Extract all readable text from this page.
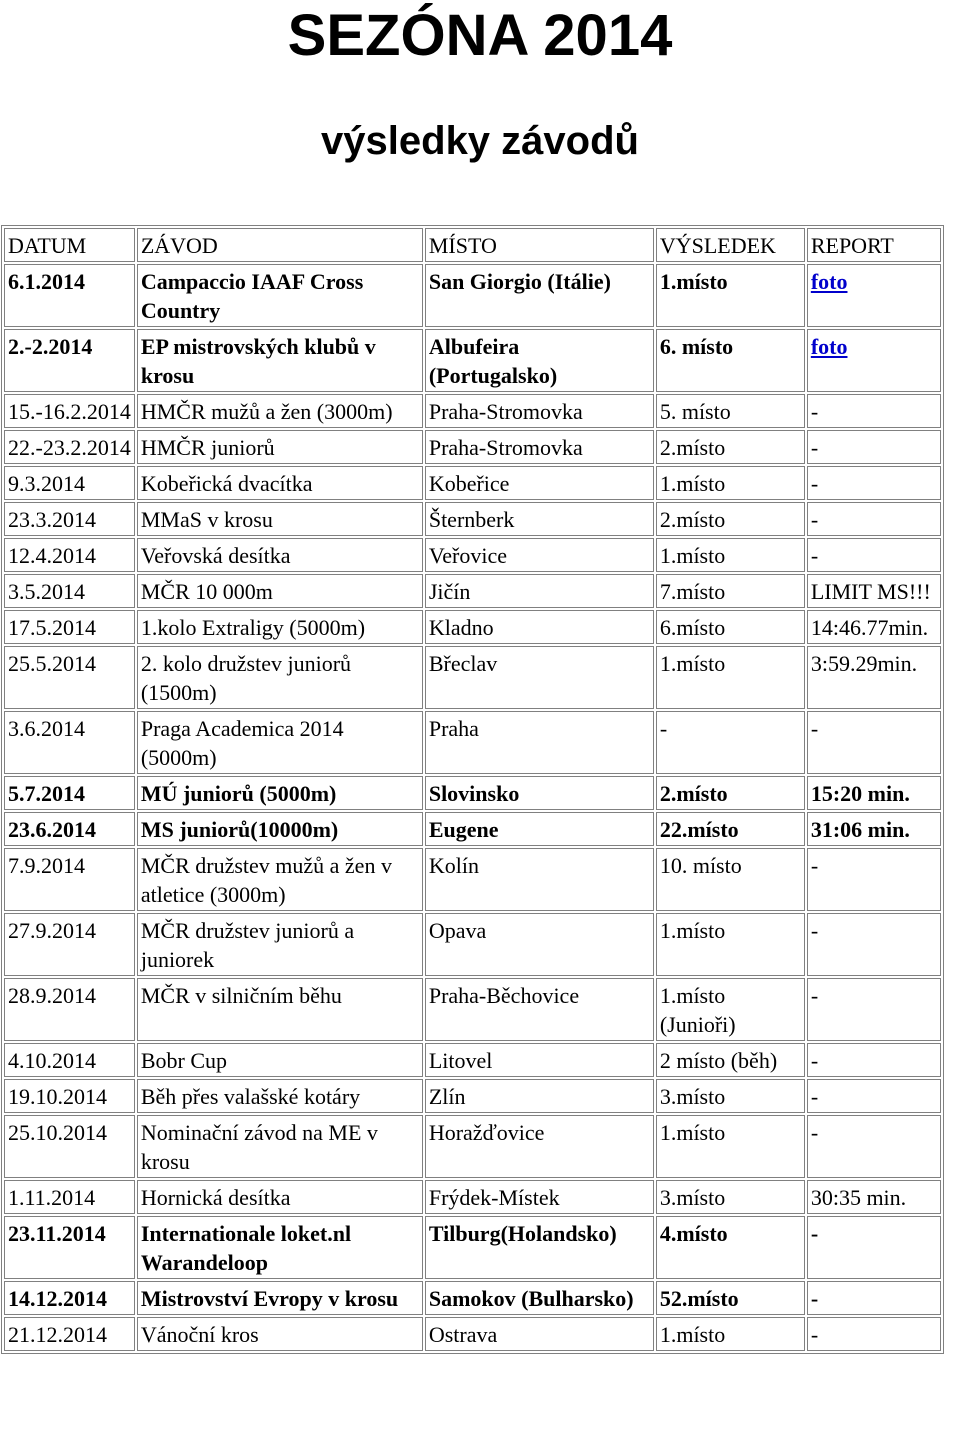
SEZÓNA 2014
výsledky závodů
DATUM	ZÁVOD	MÍSTO	VÝSLEDEK	REPORT
6.1.2014	Campaccio IAAF Cross Country	San Giorgio (Itálie)	1.místo	foto
2.-2.2014	EP mistrovských klubů v krosu	Albufeira (Portugalsko)	6. místo	foto
15.-16.2.2014	HMČR mužů a žen (3000m)	Praha-Stromovka	5. místo	-
22.-23.2.2014	HMČR juniorů	Praha-Stromovka	2.místo	-
9.3.2014	Kobeřická dvacítka	Kobeřice	1.místo	-
23.3.2014	MMaS v krosu	Šternberk	2.místo	-
12.4.2014	Veřovská desítka	Veřovice	1.místo	-
3.5.2014	MČR 10 000m	Jičín	7.místo	LIMIT MS!!!
17.5.2014	1.kolo Extraligy (5000m)	Kladno	6.místo	14:46.77min.
25.5.2014	2. kolo družstev juniorů (1500m)	Břeclav	1.místo	3:59.29min.
3.6.2014	Praga Academica 2014 (5000m)	Praha	-	-
5.7.2014	MÚ juniorů (5000m)	Slovinsko	2.místo	15:20 min.
23.6.2014	MS juniorů(10000m)	Eugene	22.místo	31:06 min.
7.9.2014	MČR družstev mužů a žen v atletice (3000m)	Kolín	10. místo	-
27.9.2014	MČR družstev juniorů a juniorek	Opava	1.místo	-
28.9.2014	MČR v silničním běhu	Praha-Běchovice	1.místo (Junioři)	-
4.10.2014	Bobr Cup	Litovel	2 místo (běh)	-
19.10.2014	Běh přes valašské kotáry	Zlín	3.místo	-
25.10.2014	Nominační závod na ME v krosu	Horažďovice	1.místo	-
1.11.2014	Hornická desítka	Frýdek-Místek	3.místo	30:35 min.
23.11.2014	Internationale loket.nl Warandeloop	Tilburg(Holandsko)	4.místo	-
14.12.2014	Mistrovství Evropy v krosu	Samokov (Bulharsko)	52.místo	-
21.12.2014	Vánoční kros	Ostrava	1.místo	-
